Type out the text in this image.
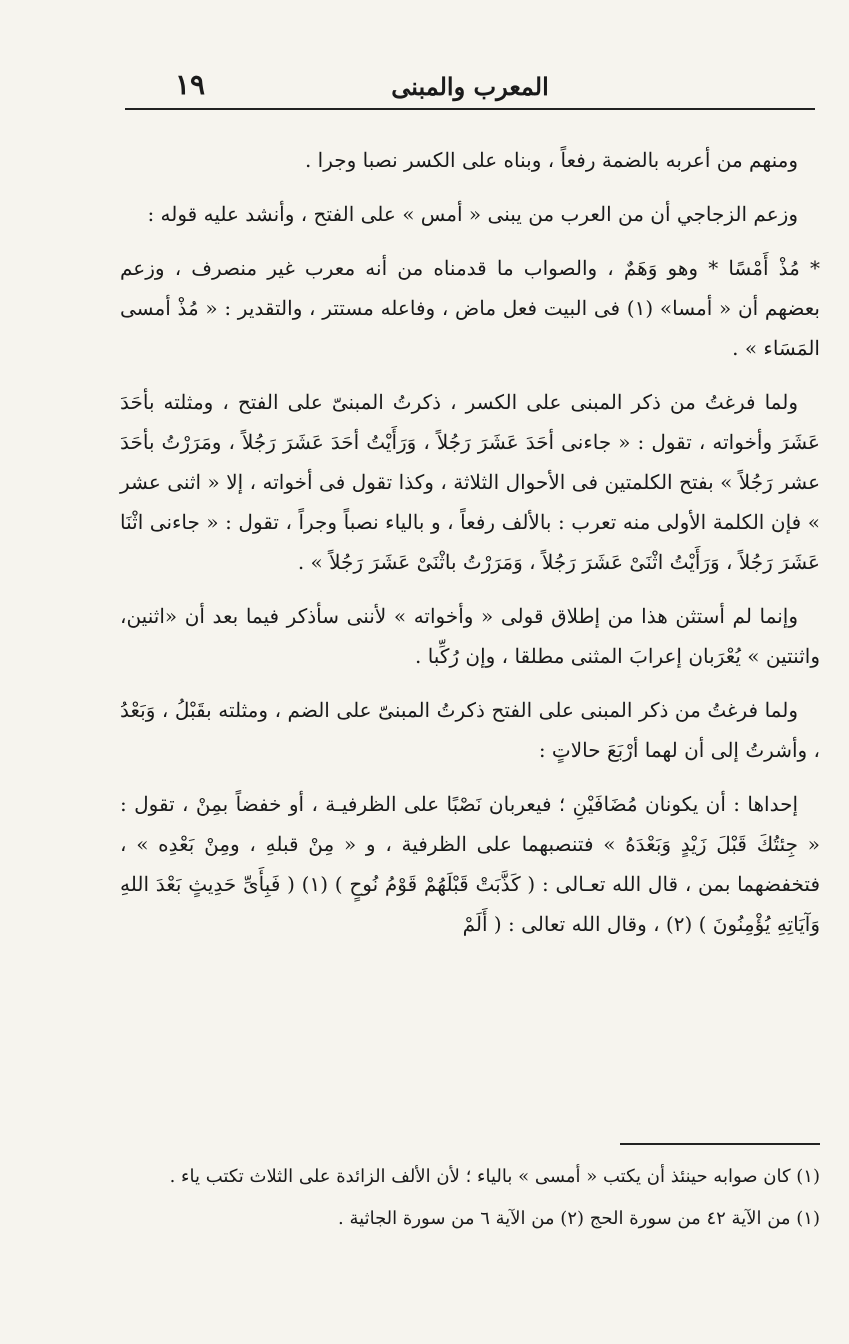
١٩	المعرب والمبنى

ومنهم من أعربه بالضمة رفعاً ، وبناه على الكسر نصبا وجرا .

وزعم الزجاجي أن من العرب من يبنى « أمس » على الفتح ، وأنشد عليه قوله :

* مُذْ أَمْسًا * وهو وَهَمٌ ، والصواب ما قدمناه من أنه معرب غير منصرف ، وزعم بعضهم أن « أمسا» (١) فى البيت فعل ماض ، وفاعله مستتر ، والتقدير : « مُذْ أمسى المَسَاء » .

ولما فرغتُ من ذكر المبنى على الكسر ، ذكرتُ المبنىّ على الفتح ، ومثلته بأحَدَ عَشَرَ وأخواته ، تقول : « جاءنى أحَدَ عَشَرَ رَجُلاً ، وَرَأَيْتُ أحَدَ عَشَرَ رَجُلاً ، ومَرَرْتُ بأحَدَ عشر رَجُلاً » بفتح الكلمتين فى الأحوال الثلاثة ، وكذا تقول فى أخواته ، إلا « اثنى عشر » فإن الكلمة الأولى منه تعرب : بالألف رفعاً ، و بالياء نصباً وجراً ، تقول : « جاءنى اثْنَا عَشَرَ رَجُلاً ، وَرَأَيْتُ اثْنَىْ عَشَرَ رَجُلاً ، وَمَرَرْتُ باثْنَىْ عَشَرَ رَجُلاً » .

وإنما لم أستثن هذا من إطلاق قولى « وأخواته » لأننى سأذكر فيما بعد أن «اثنين، واثنتين » يُعْرَبان إعرابَ المثنى مطلقا ، وإن رُكِّبا .

ولما فرغتُ من ذكر المبنى على الفتح ذكرتُ المبنىّ على الضم ، ومثلته بقَبْلُ ، وَبَعْدُ ، وأشرتُ إلى أن لهما أرْبَعَ حالاتٍ :

إحداها : أن يكونان مُضَافَيْنِ ؛ فيعربان نَصْبًا على الظرفيـة ، أو خفضاً بمِنْ ، تقول : « جِئتُكَ قَبْلَ زَيْدٍ وَبَعْدَهُ » فتنصبهما على الظرفية ، و « مِنْ قبلهِ ، ومِنْ بَعْدِه » ، فتخفضهما بمن ، قال الله تعـالى : ( كَذَّبَتْ قَبْلَهُمْ قَوْمُ نُوحٍ ) (١) ( فَبِأَىِّ حَدِيثٍ بَعْدَ اللهِ وَآيَاتِهِ يُؤْمِنُونَ ) (٢) ، وقال الله تعالى : ( أَلَمْ

(١) كان صوابه حينئذ أن يكتب « أمسى » بالياء ؛ لأن الألف الزائدة على الثلاث تكتب ياء .

(١) من الآية ٤٢ من سورة الحج (٢) من الآية ٦ من سورة الجاثية .
